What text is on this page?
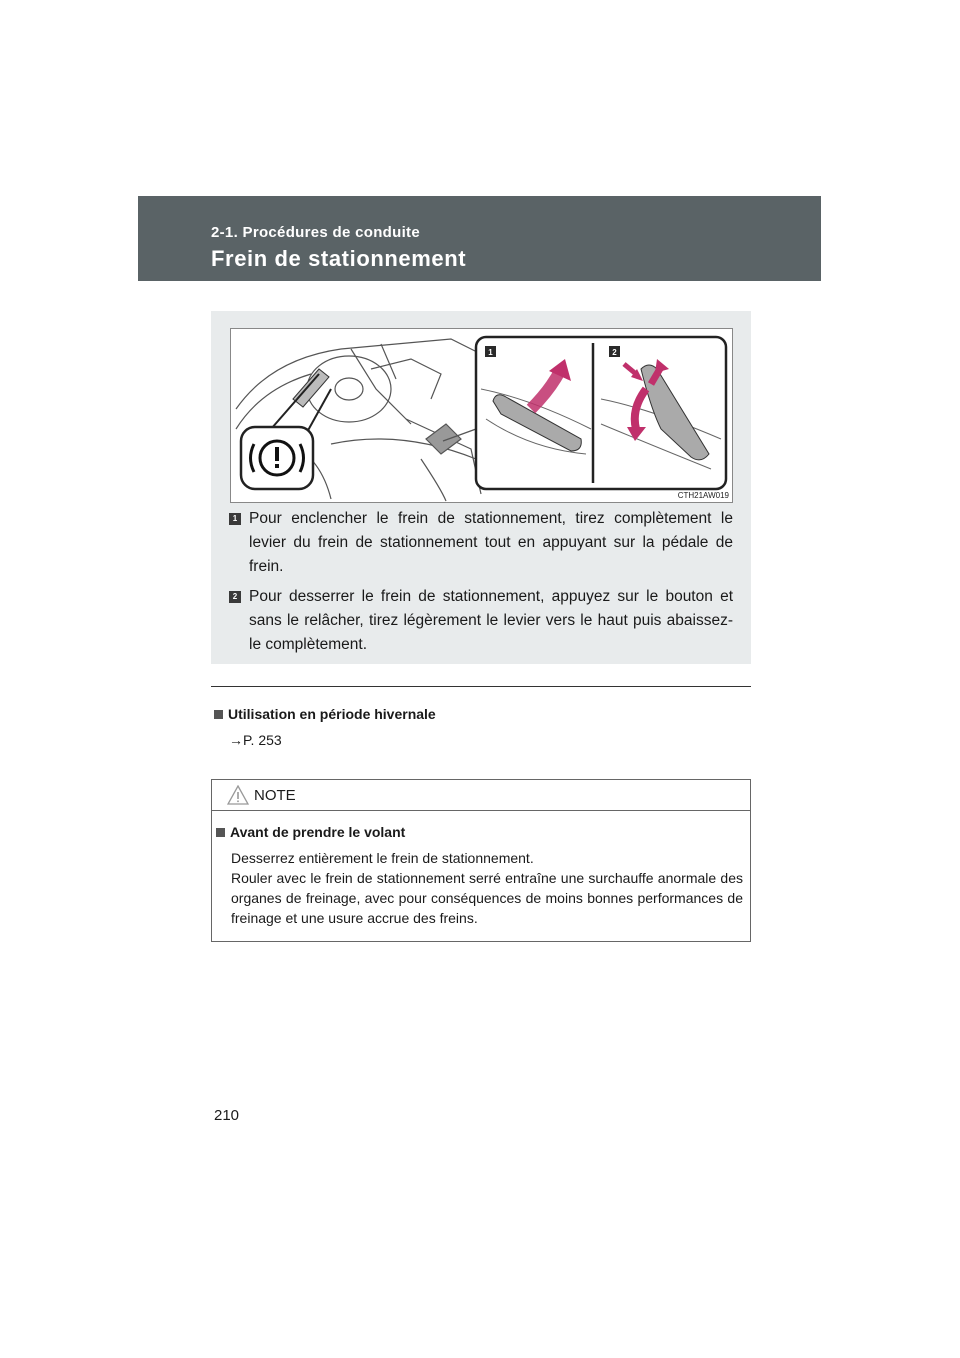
2-1. Procédures de conduite
Frein de stationnement
1	2
CTH21AW019
1 Pour enclencher le frein de stationnement, tirez complètement le levier du frein de stationnement tout en appuyant sur la pédale de frein.
2 Pour desserrer le frein de stationnement, appuyez sur le bouton et sans le relâcher, tirez légèrement le levier vers le haut puis abaissez-le complètement.
Utilisation en période hivernale
→P. 253
NOTE
Avant de prendre le volant
Desserrez entièrement le frein de stationnement.
Rouler avec le frein de stationnement serré entraîne une surchauffe anormale des organes de freinage, avec pour conséquences de moins bonnes performances de freinage et une usure accrue des freins.
210
